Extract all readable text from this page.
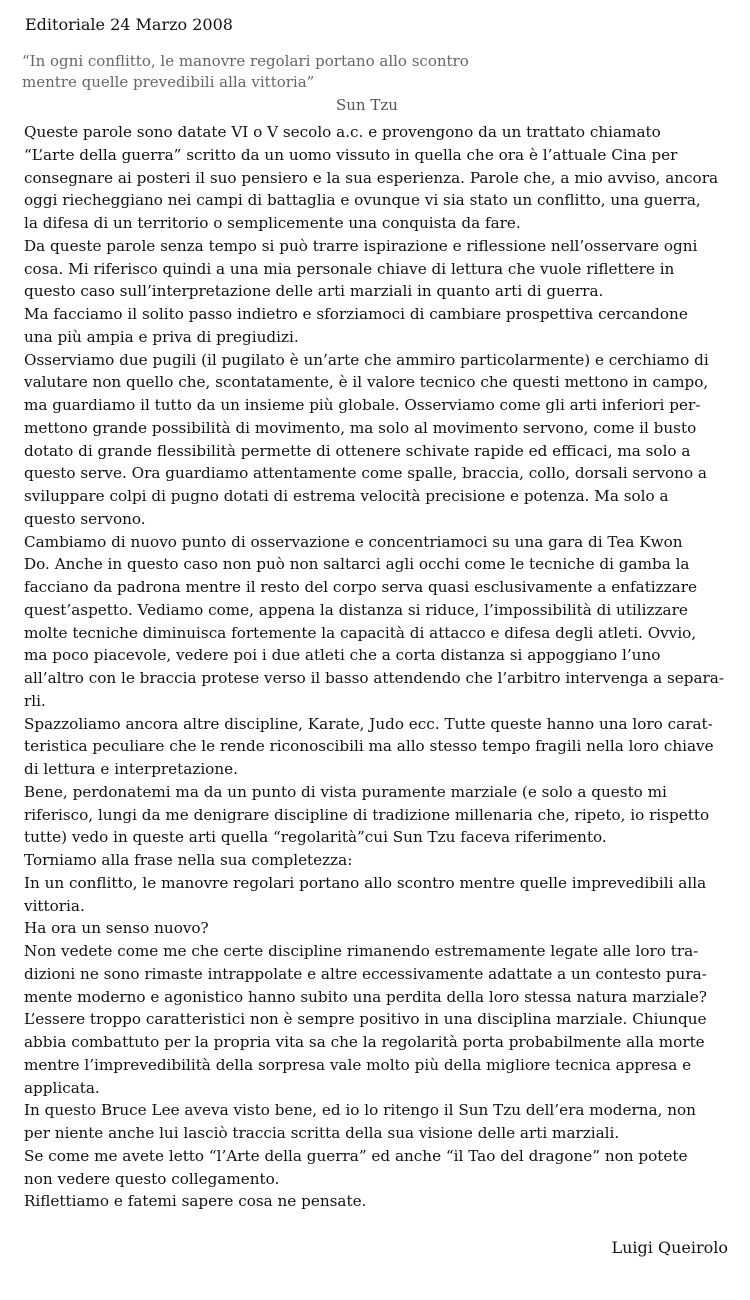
Editoriale 24 Marzo 2008
“In ogni conflitto, le manovre regolari portano allo scontro
mentre quelle prevedibili alla vittoria”
Sun Tzu
Queste parole sono datate VI o V secolo a.c. e provengono da un trattato chiamato
“L’arte della guerra” scritto da un uomo vissuto in quella che ora è l’attuale Cina per
consegnare ai posteri il suo pensiero e la sua esperienza. Parole che, a mio avviso, ancora
oggi riecheggiano nei campi di battaglia e ovunque vi sia stato un conflitto, una guerra,
la difesa di un territorio o semplicemente una conquista da fare.
Da queste parole senza tempo si può trarre ispirazione e riflessione nell’osservare ogni
cosa. Mi riferisco quindi a una mia personale chiave di lettura che vuole riflettere in
questo caso sull’interpretazione delle arti marziali in quanto arti di guerra.
Ma facciamo il solito passo indietro e sforziamoci di cambiare prospettiva cercandone
una più ampia e priva di pregiudizi.
Osserviamo due pugili (il pugilato è un’arte che ammiro particolarmente) e cerchiamo di
valutare non quello che, scontatamente, è il valore tecnico che questi mettono in campo,
ma guardiamo il tutto da un insieme più globale. Osserviamo come gli arti inferiori per-
mettono grande possibilità di movimento, ma solo al movimento servono, come il busto
dotato di grande flessibilità permette di ottenere schivate rapide ed efficaci, ma solo a
questo serve. Ora guardiamo attentamente come spalle, braccia, collo, dorsali servono a
sviluppare colpi di pugno dotati di estrema velocità precisione e potenza. Ma solo a
questo servono.
Cambiamo di nuovo punto di osservazione e concentriamoci su una gara di Tea Kwon
Do. Anche in questo caso non può non saltarci agli occhi come le tecniche di gamba la
facciano da padrona mentre il resto del corpo serva quasi esclusivamente a enfatizzare
quest’aspetto. Vediamo come, appena la distanza si riduce, l’impossibilità di utilizzare
molte tecniche diminuisca fortemente la capacità di attacco e difesa degli atleti. Ovvio,
ma poco piacevole, vedere poi i due atleti che a corta distanza si appoggiano l’uno
all’altro con le braccia protese verso il basso attendendo che l’arbitro intervenga a separa-
rli.
Spazzoliamo ancora altre discipline, Karate, Judo ecc. Tutte queste hanno una loro carat-
teristica peculiare che le rende riconoscibili ma allo stesso tempo fragili nella loro chiave
di lettura e interpretazione.
Bene, perdonatemi ma da un punto di vista puramente marziale (e solo a questo mi
riferisco, lungi da me denigrare discipline di tradizione millenaria che, ripeto, io rispetto
tutte) vedo in queste arti quella “regolarità”cui Sun Tzu faceva riferimento.
Torniamo alla frase nella sua completezza:
In un conflitto, le manovre regolari portano allo scontro mentre quelle imprevedibili alla
vittoria.
Ha ora un senso nuovo?
Non vedete come me che certe discipline rimanendo estremamente legate alle loro tra-
dizioni ne sono rimaste intrappolate e altre eccessivamente adattate a un contesto pura-
mente moderno e agonistico hanno subito una perdita della loro stessa natura marziale?
L’essere troppo caratteristici non è sempre positivo in una disciplina marziale. Chiunque
abbia combattuto per la propria vita sa che la regolarità porta probabilmente alla morte
mentre l’imprevedibilità della sorpresa vale molto più della migliore tecnica appresa e
applicata.
In questo Bruce Lee aveva visto bene, ed io lo ritengo il Sun Tzu dell’era moderna, non
per niente anche lui lasciò traccia scritta della sua visione delle arti marziali.
Se come me avete letto “l’Arte della guerra” ed anche “il Tao del dragone” non potete
non vedere questo collegamento.
Riflettiamo e fatemi sapere cosa ne pensate.
Luigi Queirolo
